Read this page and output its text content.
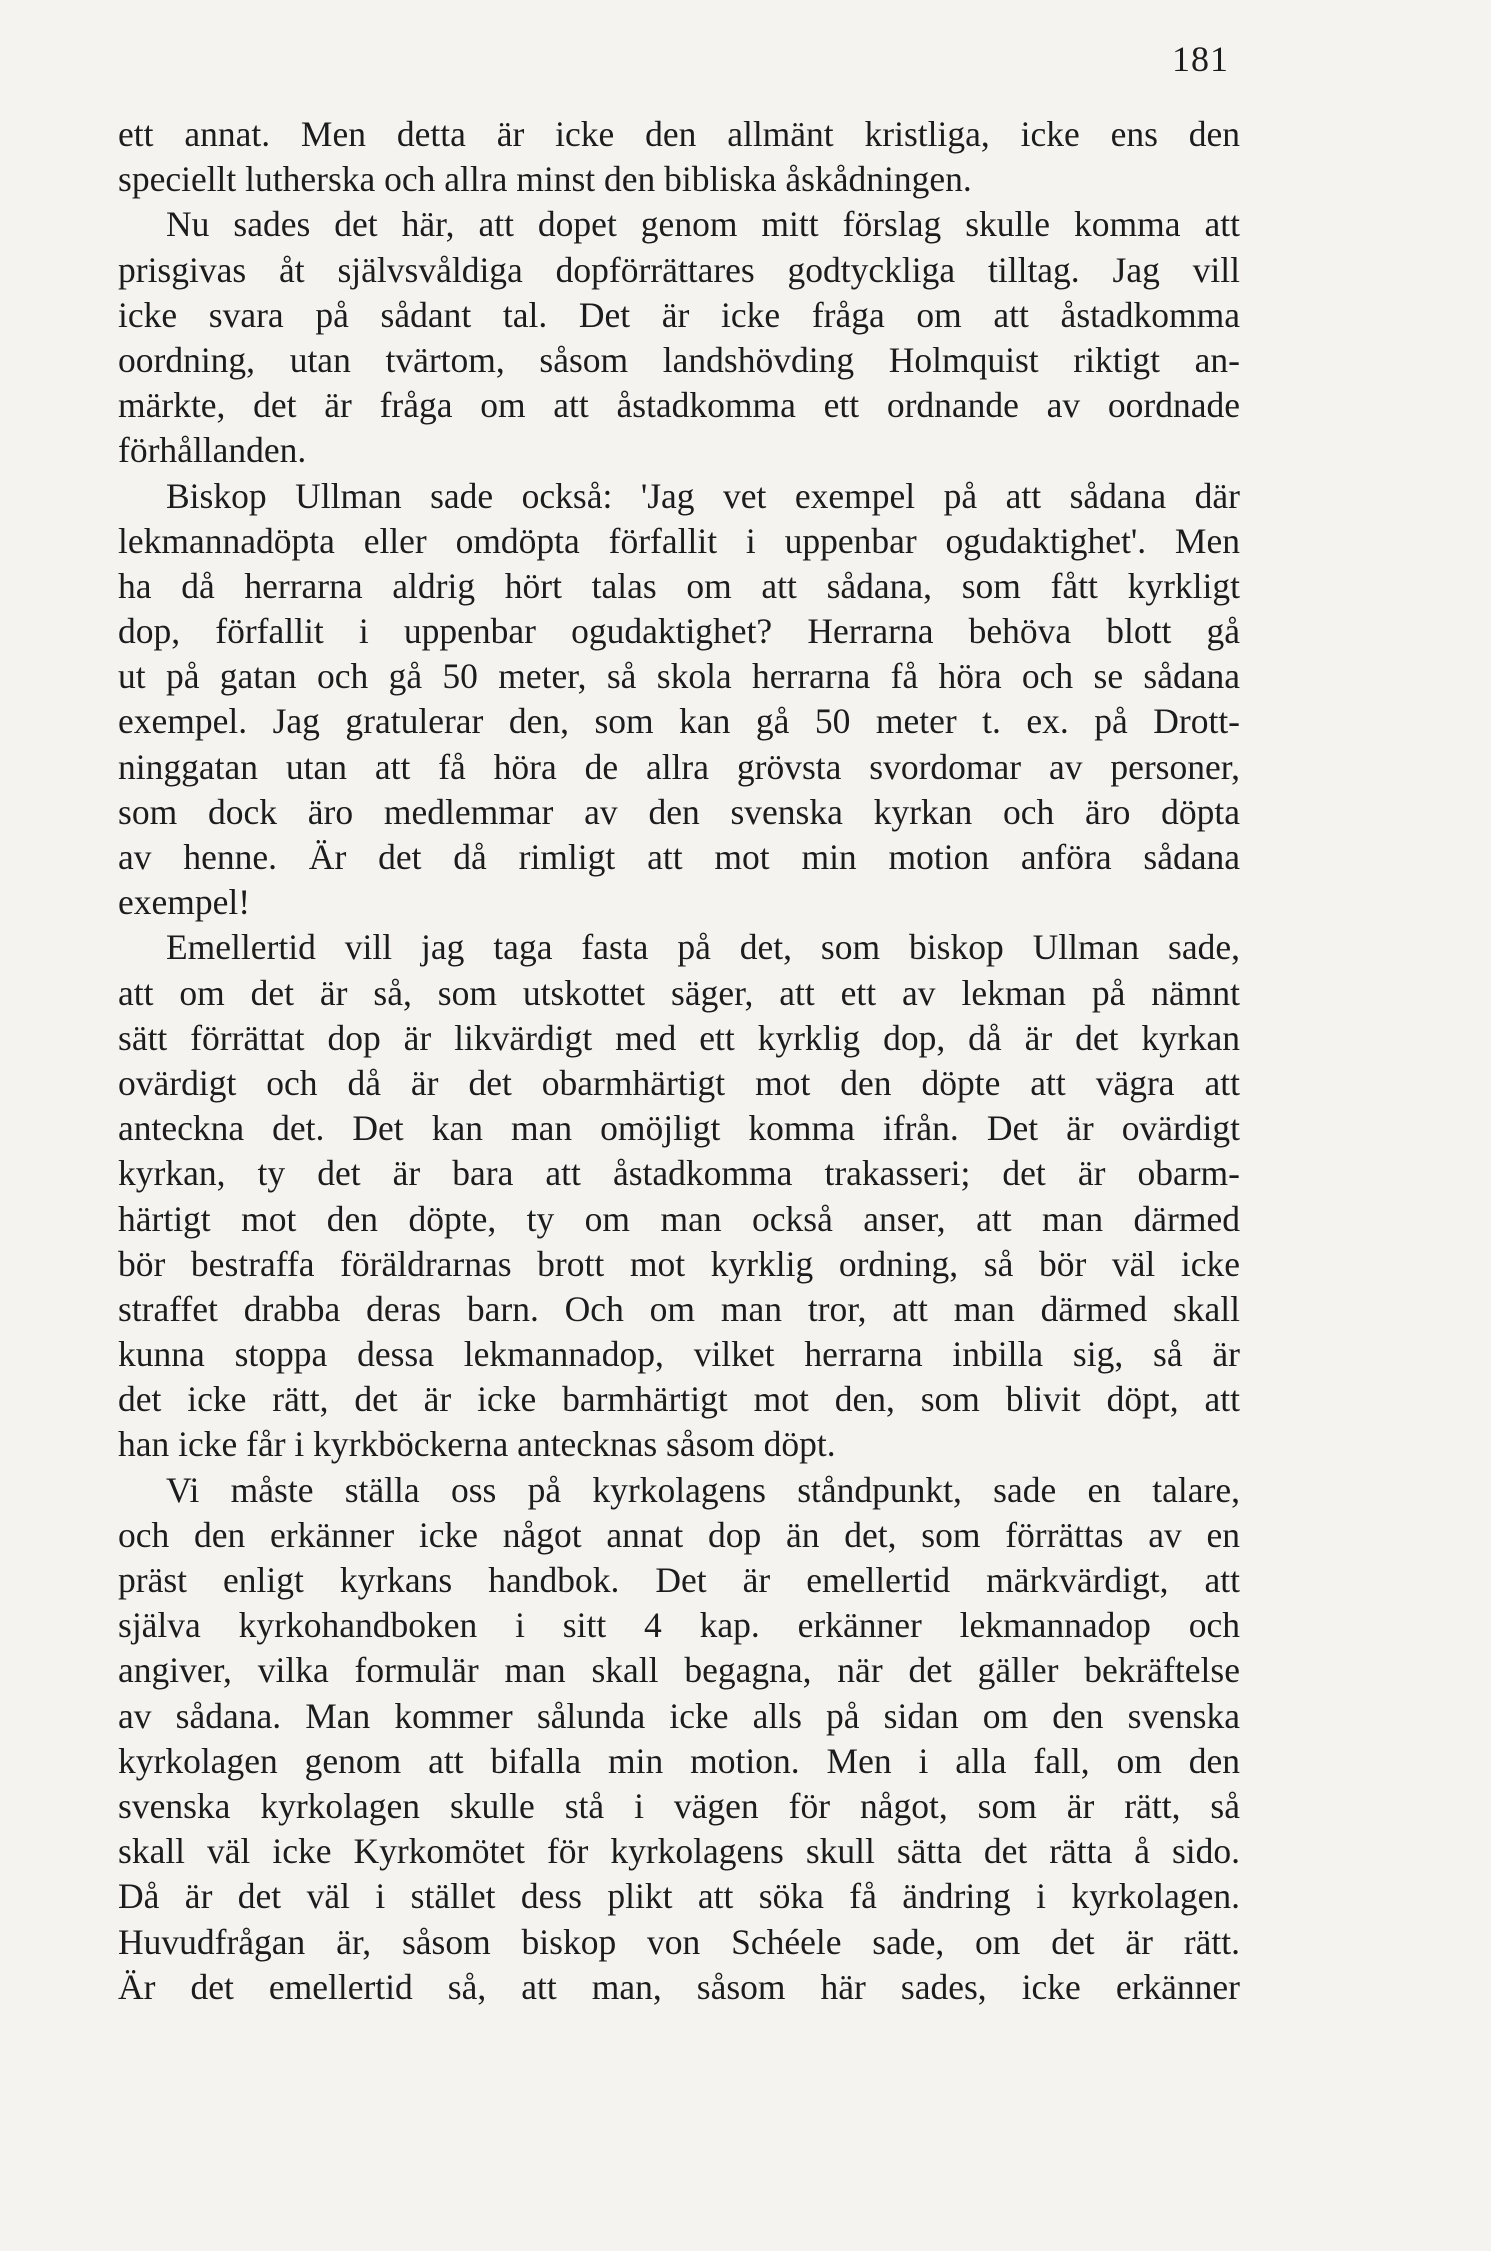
181
ett annat. Men detta är icke den allmänt kristliga, icke ens den
speciellt lutherska och allra minst den bibliska åskådningen.
Nu sades det här, att dopet genom mitt förslag skulle komma att
prisgivas åt självsvåldiga dopförrättares godtyckliga tilltag. Jag vill
icke svara på sådant tal. Det är icke fråga om att åstadkomma
oordning, utan tvärtom, såsom landshövding Holmquist riktigt an-
märkte, det är fråga om att åstadkomma ett ordnande av oordnade
förhållanden.
Biskop Ullman sade också: 'Jag vet exempel på att sådana där
lekmannadöpta eller omdöpta förfallit i uppenbar ogudaktighet'. Men
ha då herrarna aldrig hört talas om att sådana, som fått kyrkligt
dop, förfallit i uppenbar ogudaktighet? Herrarna behöva blott gå
ut på gatan och gå 50 meter, så skola herrarna få höra och se sådana
exempel. Jag gratulerar den, som kan gå 50 meter t. ex. på Drott-
ninggatan utan att få höra de allra grövsta svordomar av personer,
som dock äro medlemmar av den svenska kyrkan och äro döpta
av henne. Är det då rimligt att mot min motion anföra sådana
exempel!
Emellertid vill jag taga fasta på det, som biskop Ullman sade,
att om det är så, som utskottet säger, att ett av lekman på nämnt
sätt förrättat dop är likvärdigt med ett kyrklig dop, då är det kyrkan
ovärdigt och då är det obarmhärtigt mot den döpte att vägra att
anteckna det. Det kan man omöjligt komma ifrån. Det är ovärdigt
kyrkan, ty det är bara att åstadkomma trakasseri; det är obarm-
härtigt mot den döpte, ty om man också anser, att man därmed
bör bestraffa föräldrarnas brott mot kyrklig ordning, så bör väl icke
straffet drabba deras barn. Och om man tror, att man därmed skall
kunna stoppa dessa lekmannadop, vilket herrarna inbilla sig, så är
det icke rätt, det är icke barmhärtigt mot den, som blivit döpt, att
han icke får i kyrkböckerna antecknas såsom döpt.
Vi måste ställa oss på kyrkolagens ståndpunkt, sade en talare,
och den erkänner icke något annat dop än det, som förrättas av en
präst enligt kyrkans handbok. Det är emellertid märkvärdigt, att
själva kyrkohandboken i sitt 4 kap. erkänner lekmannadop och
angiver, vilka formulär man skall begagna, när det gäller bekräftelse
av sådana. Man kommer sålunda icke alls på sidan om den svenska
kyrkolagen genom att bifalla min motion. Men i alla fall, om den
svenska kyrkolagen skulle stå i vägen för något, som är rätt, så
skall väl icke Kyrkomötet för kyrkolagens skull sätta det rätta å sido.
Då är det väl i stället dess plikt att söka få ändring i kyrkolagen.
Huvudfrågan är, såsom biskop von Schéele sade, om det är rätt.
Är det emellertid så, att man, såsom här sades, icke erkänner
